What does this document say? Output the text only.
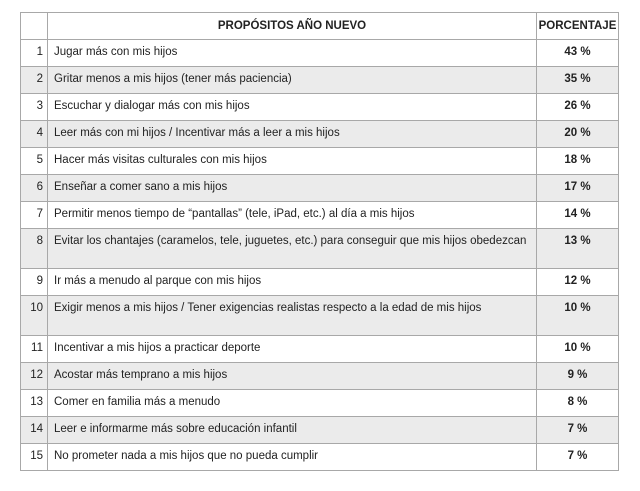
	PROPÓSITOS AÑO NUEVO	PORCENTAJE
1	Jugar más con mis hijos	43 %
2	Gritar menos a mis hijos (tener más paciencia)	35 %
3	Escuchar y dialogar más con mis hijos	26 %
4	Leer más con mi hijos / Incentivar más a leer a mis hijos	20 %
5	Hacer más visitas culturales con mis hijos	18 %
6	Enseñar a comer sano a mis hijos	17 %
7	Permitir menos tiempo de “pantallas” (tele, iPad, etc.) al día a mis hijos	14 %
8	Evitar los chantajes (caramelos, tele, juguetes, etc.) para conseguir que mis hijos obedezcan	13 %
9	Ir más a menudo al parque con mis hijos	12 %
10	Exigir menos a mis hijos / Tener exigencias realistas respecto a la edad de mis hijos	10 %
11	Incentivar a mis hijos a practicar deporte	10 %
12	Acostar más temprano a mis hijos	9 %
13	Comer en familia más a menudo	8 %
14	Leer e informarme más sobre educación infantil	7 %
15	No prometer nada a mis hijos que no pueda cumplir	7 %
